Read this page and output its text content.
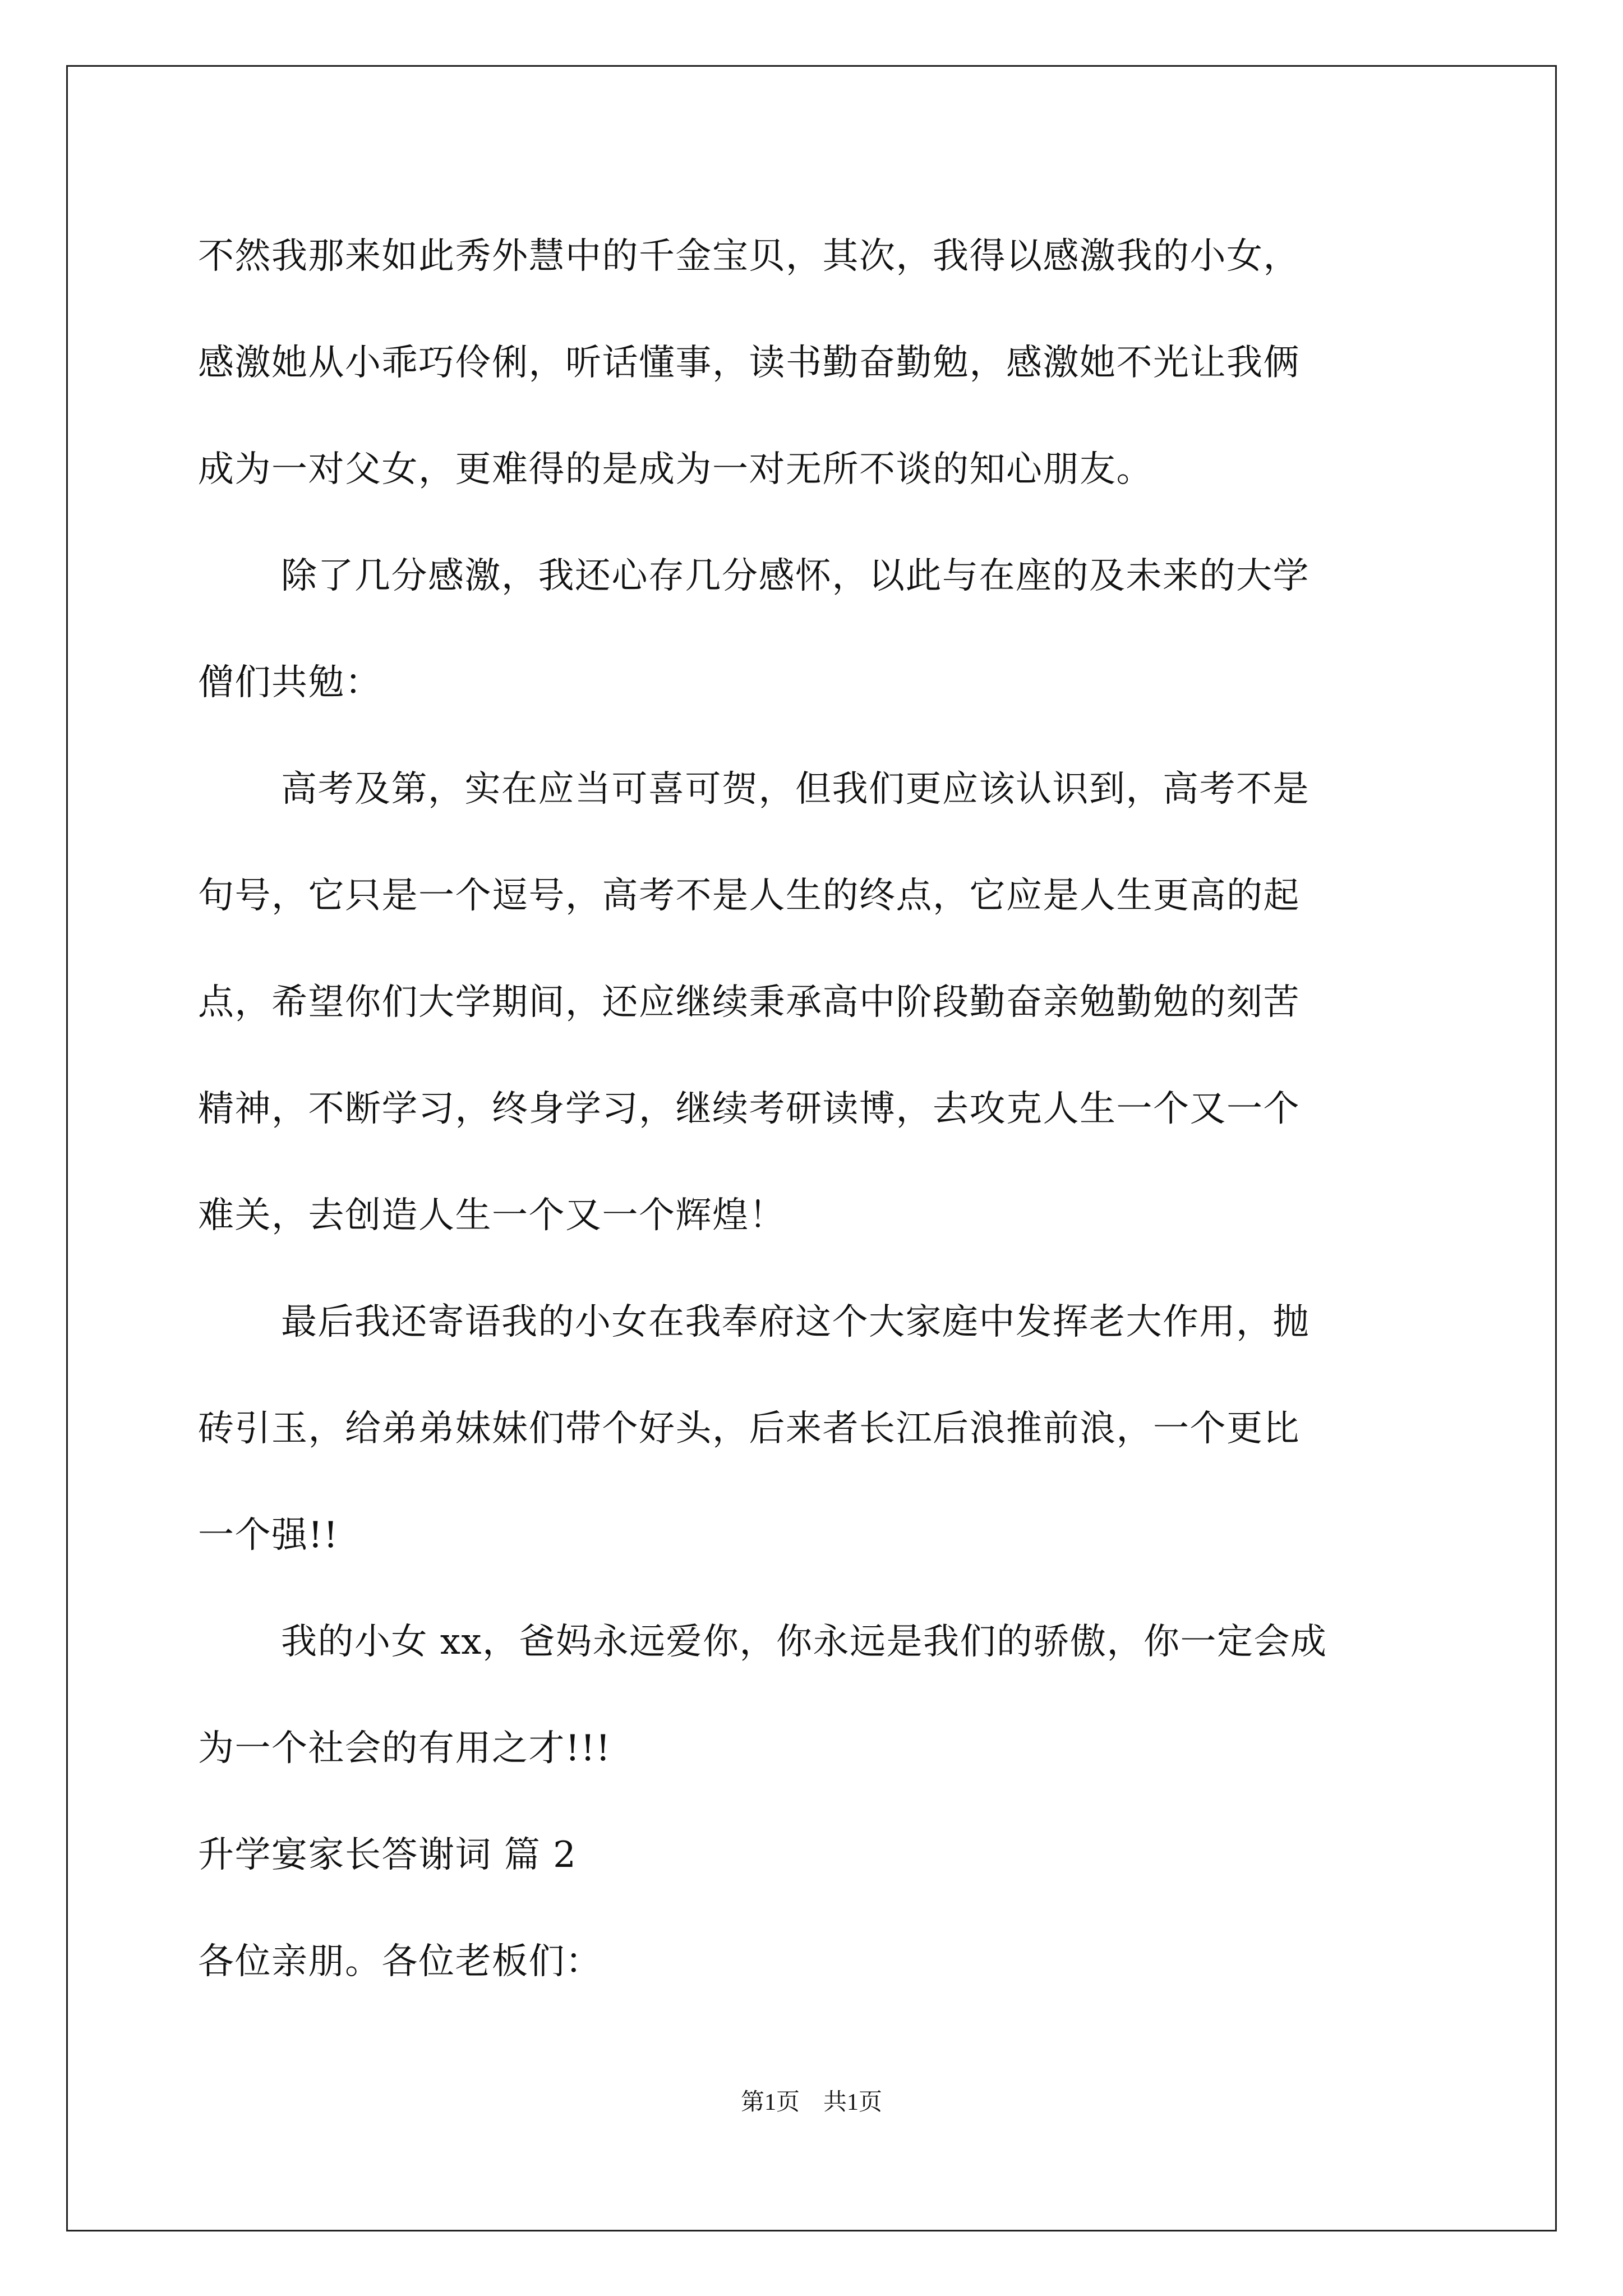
不然我那来如此秀外慧中的千金宝贝，其次，我得以感激我的小女，
感激她从小乖巧伶俐，听话懂事，读书勤奋勤勉，感激她不光让我俩
成为一对父女，更难得的是成为一对无所不谈的知心朋友。
除了几分感激，我还心存几分感怀，以此与在座的及未来的大学
僧们共勉：
高考及第，实在应当可喜可贺，但我们更应该认识到，高考不是
句号，它只是一个逗号，高考不是人生的终点，它应是人生更高的起
点，希望你们大学期间，还应继续秉承高中阶段勤奋亲勉勤勉的刻苦
精神，不断学习，终身学习，继续考研读博，去攻克人生一个又一个
难关，去创造人生一个又一个辉煌！
最后我还寄语我的小女在我奉府这个大家庭中发挥老大作用，抛
砖引玉，给弟弟妹妹们带个好头，后来者长江后浪推前浪，一个更比
一个强!!
我的小女 xx，爸妈永远爱你，你永远是我们的骄傲，你一定会成
为一个社会的有用之才!!!
升学宴家长答谢词 篇 2
各位亲朋。各位老板们：
第1页　共1页
